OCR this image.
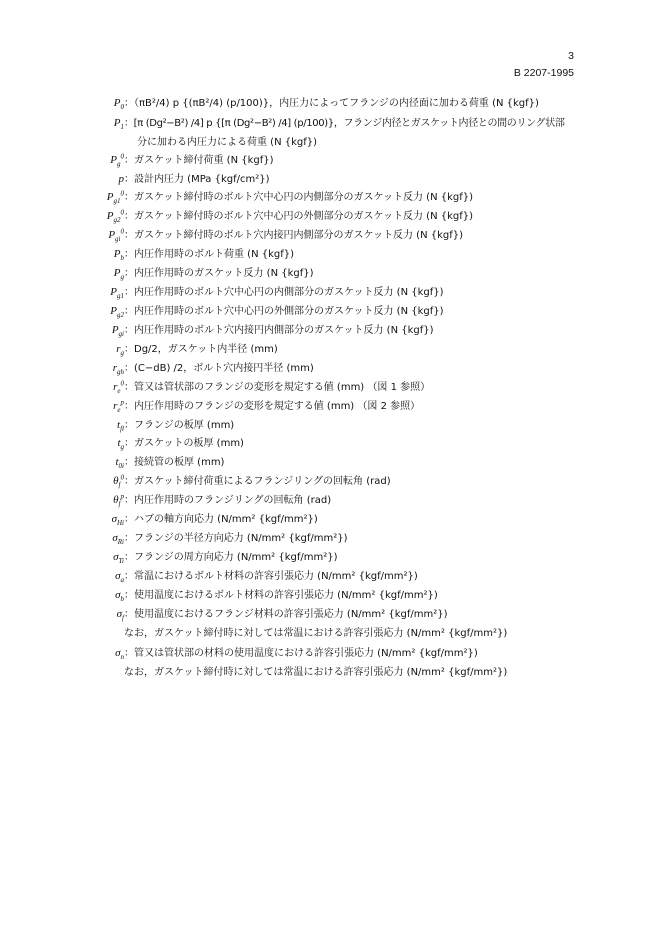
3
B 2207-1995
$P_0$ ：（πB²/4) p {(πB²/4) (p/100)}，内圧力によってフランジの内径面に加わる荷重 (N {kgf})
$P_1$ ：[π (Dg²−B²) /4] p {[π (Dg²−B²) /4] (p/100)}，フランジ内径とガスケット内径との間のリング状部
分に加わる内圧力による荷重 (N {kgf})
$P_g^0$ ：ガスケット締付荷重 (N {kgf})
p ：設計内圧力 (MPa {kgf/cm²})
$P_{g1}^0$ ：ガスケット締付時のボルト穴中心円の内側部分のガスケット反力 (N {kgf})
$P_{g2}^0$ ：ガスケット締付時のボルト穴中心円の外側部分のガスケット反力 (N {kgf})
$P_{gi}^0$ ：ガスケット締付時のボルト穴内接円内側部分のガスケット反力 (N {kgf})
$P_b$ ：内圧作用時のボルト荷重 (N {kgf})
$P_g$ ：内圧作用時のガスケット反力 (N {kgf})
$P_{g1}$ ：内圧作用時のボルト穴中心円の内側部分のガスケット反力 (N {kgf})
$P_{g2}$ ：内圧作用時のボルト穴中心円の外側部分のガスケット反力 (N {kgf})
$P_{gi}$ ：内圧作用時のボルト穴内接円内側部分のガスケット反力 (N {kgf})
$r_g$ ：Dg/2，ガスケット内半径 (mm)
$r_{gh}$ ：(C−dB) /2，ボルト穴内接円半径 (mm)
$r_e^0$ ：管又は管状部のフランジの変形を規定する値 (mm) （図 1 参照）
$r_e^p$ ：内圧作用時のフランジの変形を規定する値 (mm) （図 2 参照）
$t_{fl}$ ：フランジの板厚 (mm)
$t_g$ ：ガスケットの板厚 (mm)
$t_{0i}$ ：接続管の板厚 (mm)
$\theta_f^0$ ：ガスケット締付荷重によるフランジリングの回転角 (rad)
$\theta_f^p$ ：内圧作用時のフランジリングの回転角 (rad)
$\sigma_{Hi}$ ：ハブの軸方向応力 (N/mm² {kgf/mm²})
$\sigma_{Ri}$ ：フランジの半径方向応力 (N/mm² {kgf/mm²})
$\sigma_{Ti}$ ：フランジの周方向応力 (N/mm² {kgf/mm²})
$\sigma_a$ ：常温におけるボルト材料の許容引張応力 (N/mm² {kgf/mm²})
$\sigma_b$ ：使用温度におけるボルト材料の許容引張応力 (N/mm² {kgf/mm²})
$\sigma_f$ ：使用温度におけるフランジ材料の許容引張応力 (N/mm² {kgf/mm²})
なお，ガスケット締付時に対しては常温における許容引張応力 (N/mm² {kgf/mm²})
$\sigma_n$ ：管又は管状部の材料の使用温度における許容引張応力 (N/mm² {kgf/mm²})
なお，ガスケット締付時に対しては常温における許容引張応力 (N/mm² {kgf/mm²})
